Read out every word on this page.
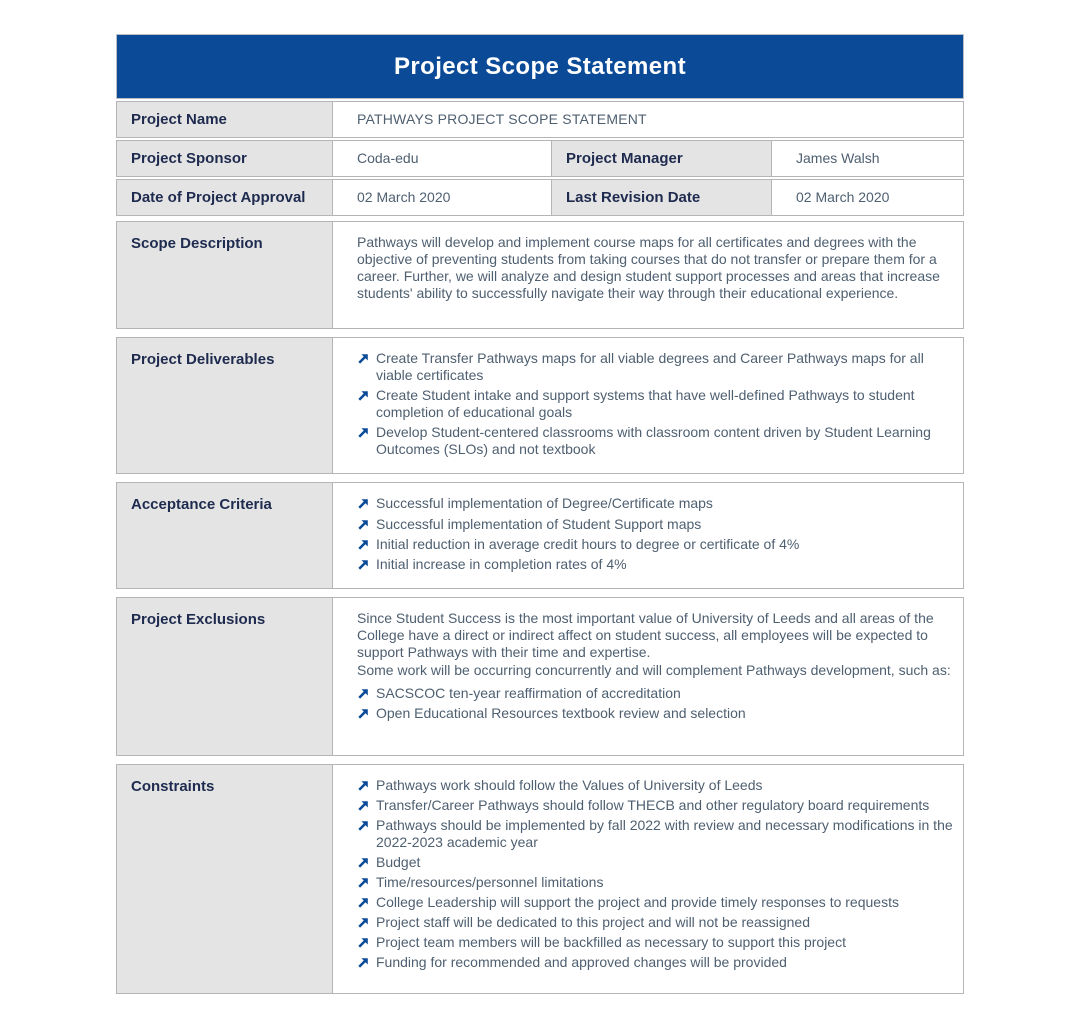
Project Scope Statement
Project Name	PATHWAYS PROJECT SCOPE STATEMENT
Project Sponsor	Coda-edu	Project Manager	James Walsh
Date of Project Approval	02 March 2020	Last Revision Date	02 March 2020
Scope Description	Pathways will develop and implement course maps for all certificates and degrees with the objective of preventing students from taking courses that do not transfer or prepare them for a career. Further, we will analyze and design student support processes and areas that increase students' ability to successfully navigate their way through their educational experience.

Project Deliverables	Create Transfer Pathways maps for all viable degrees and Career Pathways maps for all viable certificates
Create Student intake and support systems that have well-defined Pathways to student completion of educational goals
Develop Student-centered classrooms with classroom content driven by Student Learning Outcomes (SLOs) and not textbook
Acceptance Criteria	Successful implementation of Degree/Certificate maps
Successful implementation of Student Support maps
Initial reduction in average credit hours to degree or certificate of 4%
Initial increase in completion rates of 4%
Project Exclusions	Since Student Success is the most important value of University of Leeds and all areas of the College have a direct or indirect affect on student success, all employees will be expected to support Pathways with their time and expertise.

Some work will be occurring concurrently and will complement Pathways development, such as:

SACSCOC ten-year reaffirmation of accreditation
Open Educational Resources textbook review and selection
Constraints	Pathways work should follow the Values of University of Leeds
Transfer/Career Pathways should follow THECB and other regulatory board requirements
Pathways should be implemented by fall 2022 with review and necessary modifications in the 2022-2023 academic year
Budget
Time/resources/personnel limitations
College Leadership will support the project and provide timely responses to requests
Project staff will be dedicated to this project and will not be reassigned
Project team members will be backfilled as necessary to support this project
Funding for recommended and approved changes will be provided
